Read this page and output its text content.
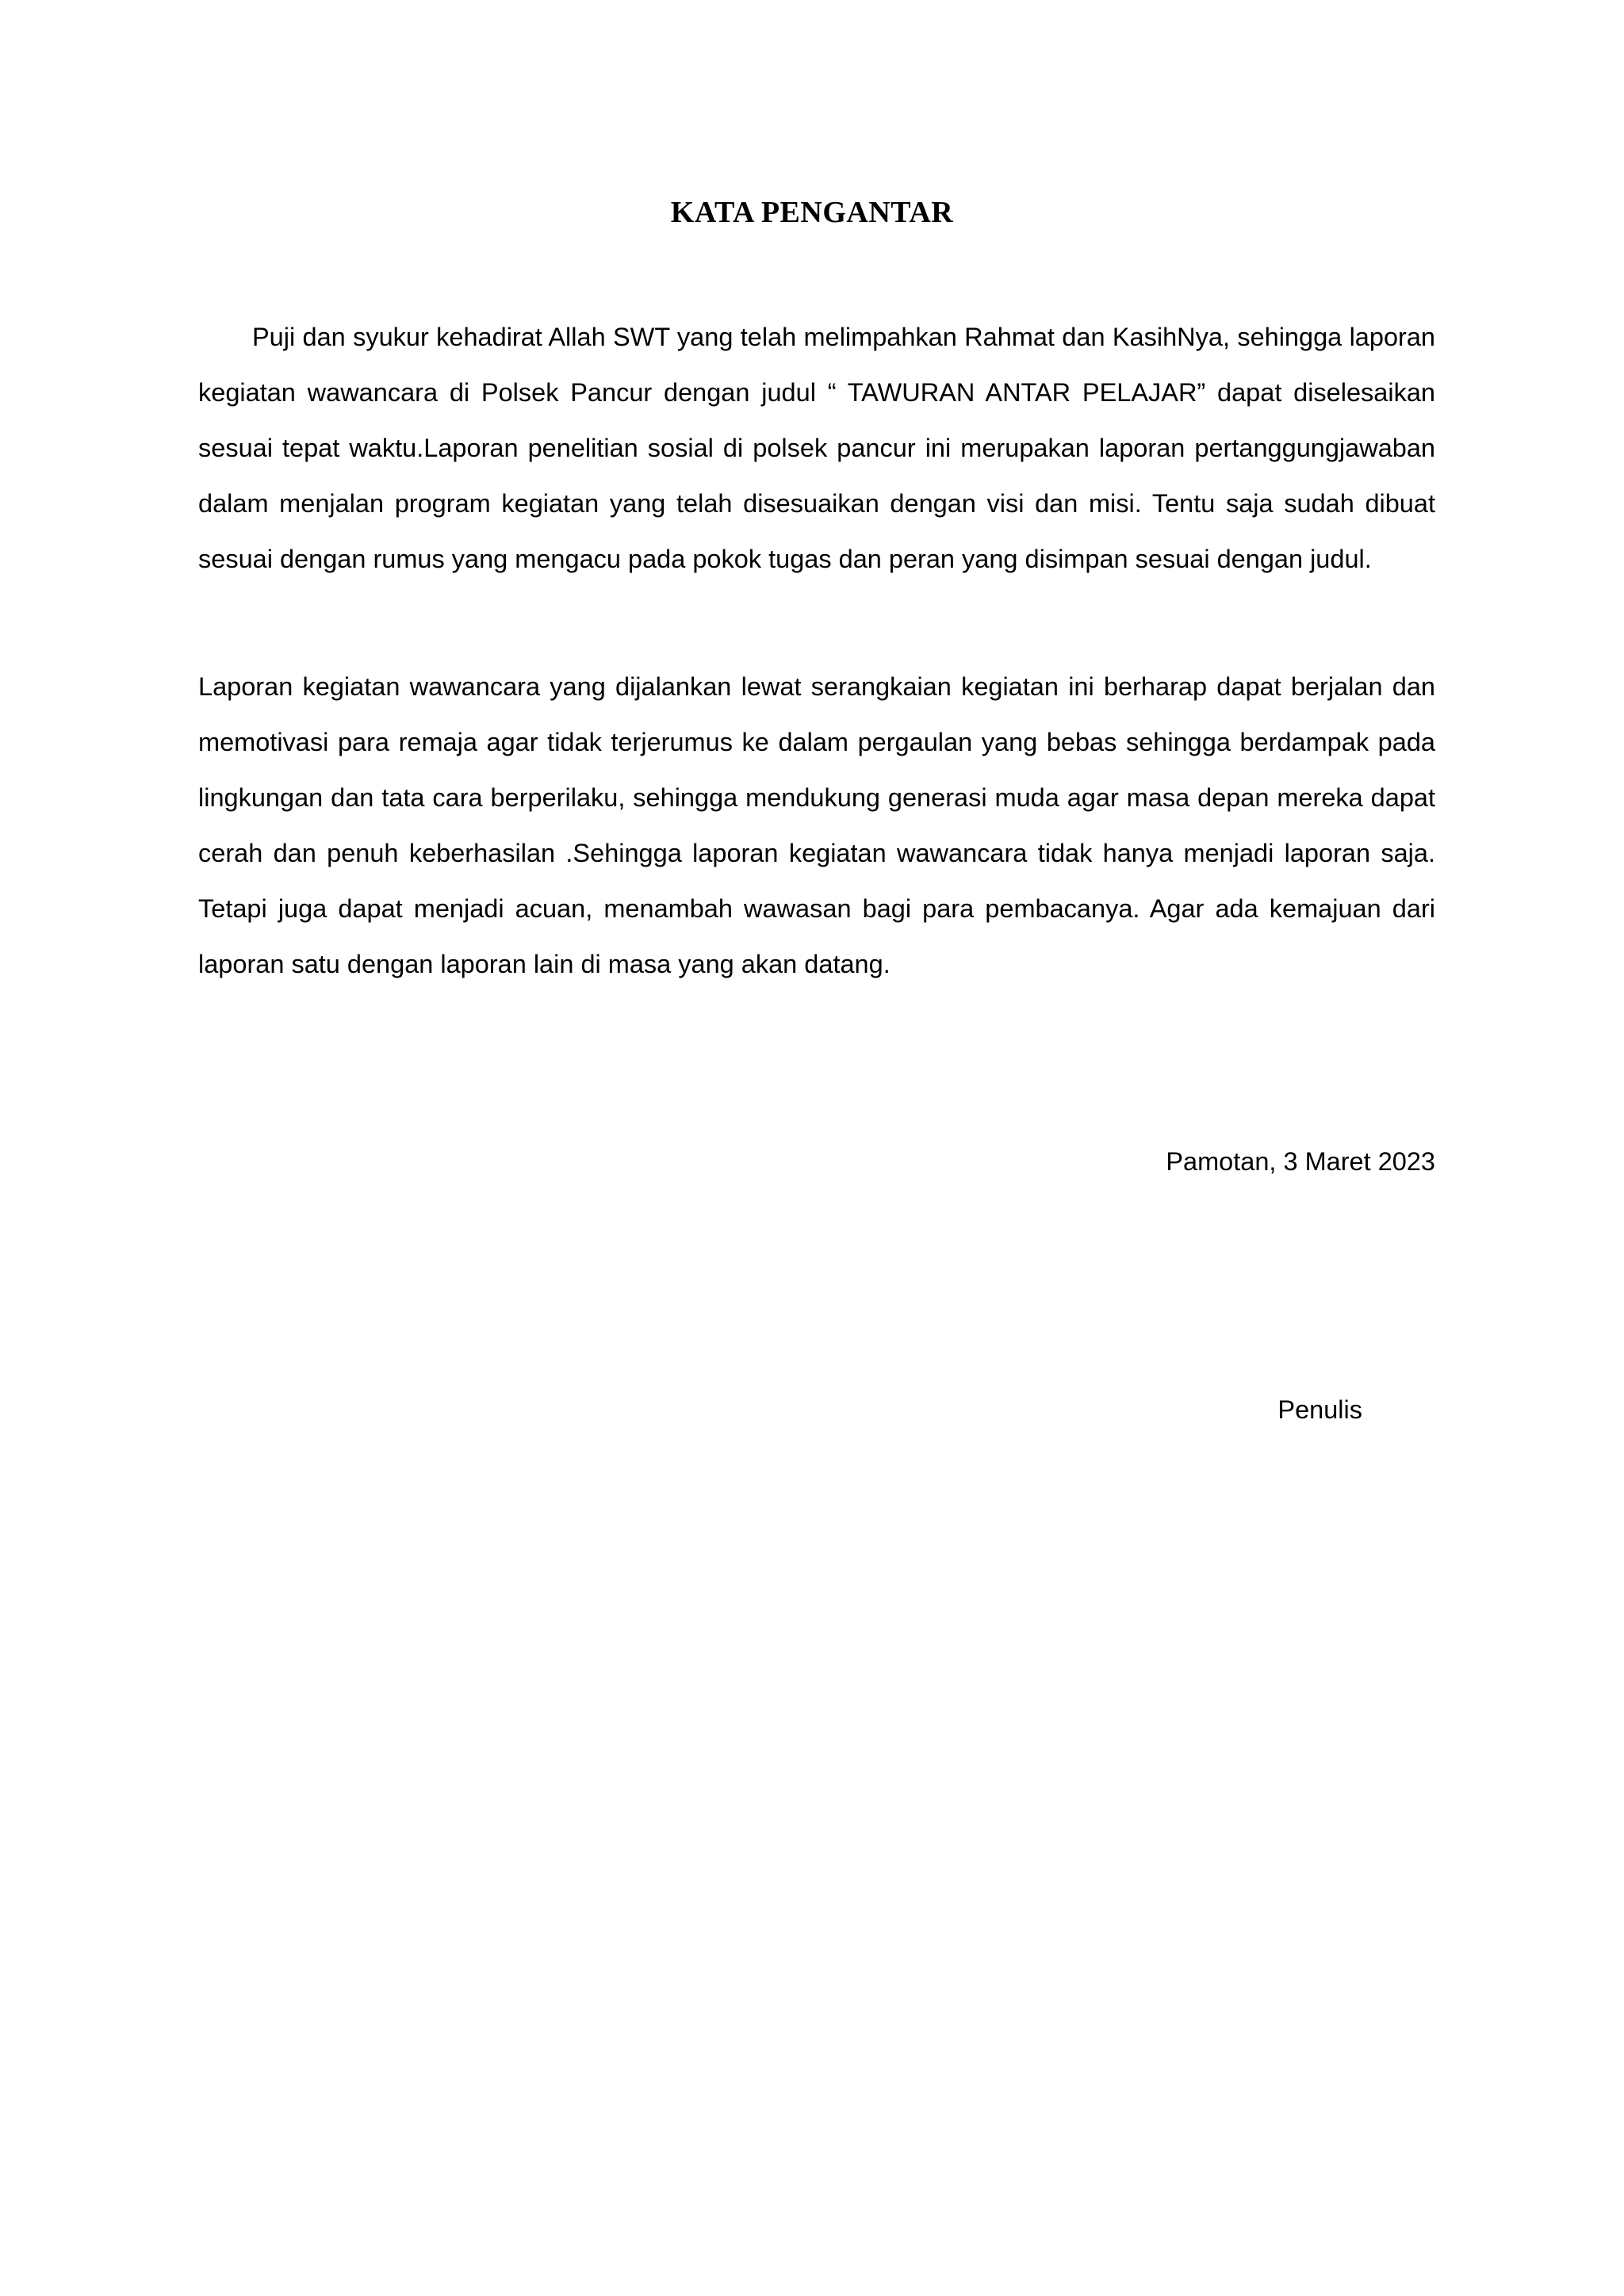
KATA PENGANTAR

Puji dan syukur kehadirat Allah SWT yang telah melimpahkan Rahmat dan KasihNya, sehingga laporan kegiatan wawancara di Polsek Pancur dengan judul “ TAWURAN ANTAR PELAJAR” dapat diselesaikan sesuai tepat waktu.Laporan penelitian sosial di polsek pancur ini merupakan laporan pertanggungjawaban dalam menjalan program kegiatan yang telah disesuaikan dengan visi dan misi. Tentu saja sudah dibuat sesuai dengan rumus yang mengacu pada pokok tugas dan peran yang disimpan sesuai dengan judul.

Laporan kegiatan wawancara yang dijalankan lewat serangkaian kegiatan ini berharap dapat berjalan dan memotivasi para remaja agar tidak terjerumus ke dalam pergaulan yang bebas sehingga berdampak pada lingkungan dan tata cara berperilaku, sehingga mendukung generasi muda agar masa depan mereka dapat cerah dan penuh keberhasilan .Sehingga laporan kegiatan wawancara tidak hanya menjadi laporan saja. Tetapi juga dapat menjadi acuan, menambah wawasan bagi para pembacanya. Agar ada kemajuan dari laporan satu dengan laporan lain di masa yang akan datang.

Pamotan, 3 Maret 2023

Penulis
